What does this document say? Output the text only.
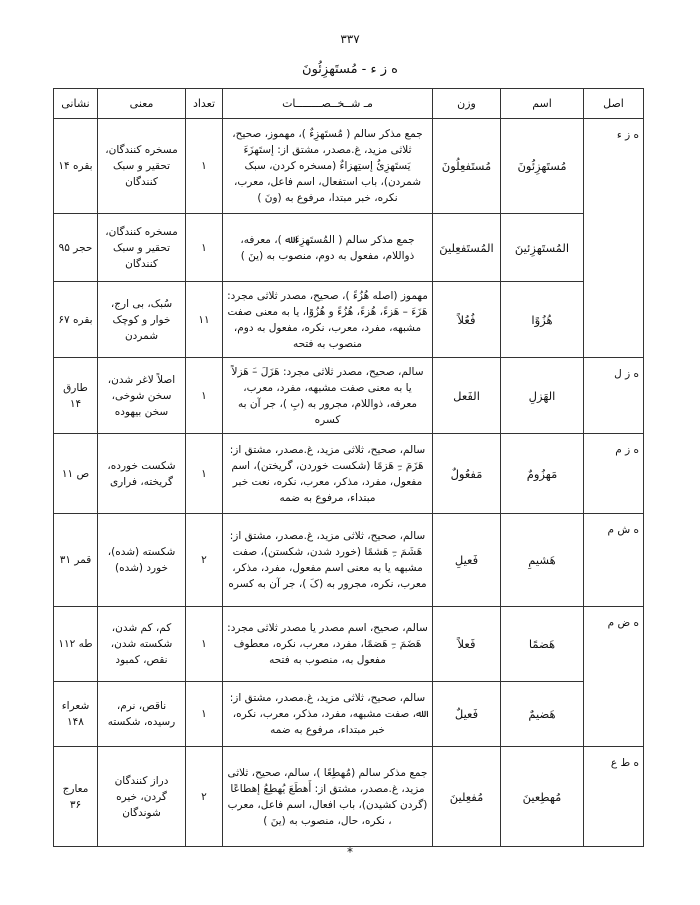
۳۳۷
ه ز ء - مُستَهزِئُونَ
اصل	اسم	وزن	مـ شــخــصــــــــات	تعداد	معنی	نشانی
ه ز ء	مُستَهزِئُونَ	مُستَفعِلُونَ	جمع مذکر سالم ( مُستَهزِءٌ )، مهموز، صحیح، ثلاثی مزید، غ.مصدر، مشتق از: إستَهزَءَ یَستَهزِئُ إستِهزاءٌ (مسخره کردن، سبک شمردن)، باب استفعال، اسم فاعل، معرب، نکره، خبر مبتدا، مرفوع به (ونَ )	۱	مسخره کنندگان، تحقیر و سبک کنندگان	بقره ۱۴
	المُستَهزِئینَ	المُستَفعِلینَ	جمع مذکر سالم ( المُستَهزِءَ ﷲ )، معرفه، ذواللام، مفعول به دوم، منصوب به (ینَ )	۱	مسخره کنندگان، تحقیر و سبک کنندگان	حجر ۹۵
	هُزُوًا	فُعُلاً	مهموز (اصله هُزُءً )، صحیح، مصدر ثلاثی مجرد: هَزَءَ – هَزءً، هُزءً، هُزُءً و هُزُوًا، یا به معنی صفت مشبهه، مفرد، معرب، نکره، مفعول به دوم، منصوب به فتحه	۱۱	سُبک، بی ارج، خوار و کوچک شمردن	بقره ۶۷
ه ز ل	الهَزلِ	الفَعل	سالم، صحیح، مصدر ثلاثی مجرد: هَزَلَ –َ هَزلاً یا به معنی صفت مشبهه، مفرد، معرب، معرفه، ذواللام، مجرور به (بِ )، جر آن به کسره	۱	اصلاً لاغر شدن، سخن شوخی، سخن بیهوده	طارق ۱۴
ه ز م	مَهزُومٌ	مَفعُولٌ	سالم، صحیح، ثلاثی مزید، غ.مصدر، مشتق از: هَزَمَ –ِ هَزمًا (شکست خوردن، گریختن)، اسم مفعول، مفرد، مذکر، معرب، نکره، نعت خبر مبتداء، مرفوع به ضمه	۱	شکست خورده، گریخته، فراری	ص ۱۱
ه ش م	هَشیمِ	فَعیلِ	سالم، صحیح، ثلاثی مزید، غ.مصدر، مشتق از: هَشَمَ –ِ هَشمًا (خورد شدن، شکستن)، صفت مشبهه یا به معنی اسم مفعول، مفرد، مذکر، معرب، نکره، مجرور به (کَ )، جر آن به کسره	۲	شکسته (شده)، خورد (شده)	قمر ۳۱
ه ض م	هَضمًا	فَعلاً	سالم، صحیح، اسم مصدر یا مصدر ثلاثی مجرد: هَضَمَ –ِ هَضمًا، مفرد، معرب، نکره، معطوف مفعول به، منصوب به فتحه	۱	کم، کم شدن، شکسته شدن، نقص، کمبود	طه ۱۱۲
	هَضیمٌ	فَعیلٌ	سالم، صحیح، ثلاثی مزید، غ.مصدر، مشتق از: ﷲ، صفت مشبهه، مفرد، مذکر، معرب، نکره، خبر مبتداء، مرفوع به ضمه	۱	ناقص، نرم، رسیده، شکسته	شعراء ۱۴۸
ه ط ع	مُهطِعینَ	مُفعِلینَ	جمع مذکر سالم (مُهطِعًا )، سالم، صحیح، ثلاثی مزید، غ.مصدر، مشتق از: أَهطَعَ یُهطِعُ إهطاعًا (گردن کشیدن)، باب افعال، اسم فاعل، معرب ، نکره، حال، منصوب به (ینَ )	۲	دراز کنندگان گردن، خیره شوندگان	معارج ۳۶
*
